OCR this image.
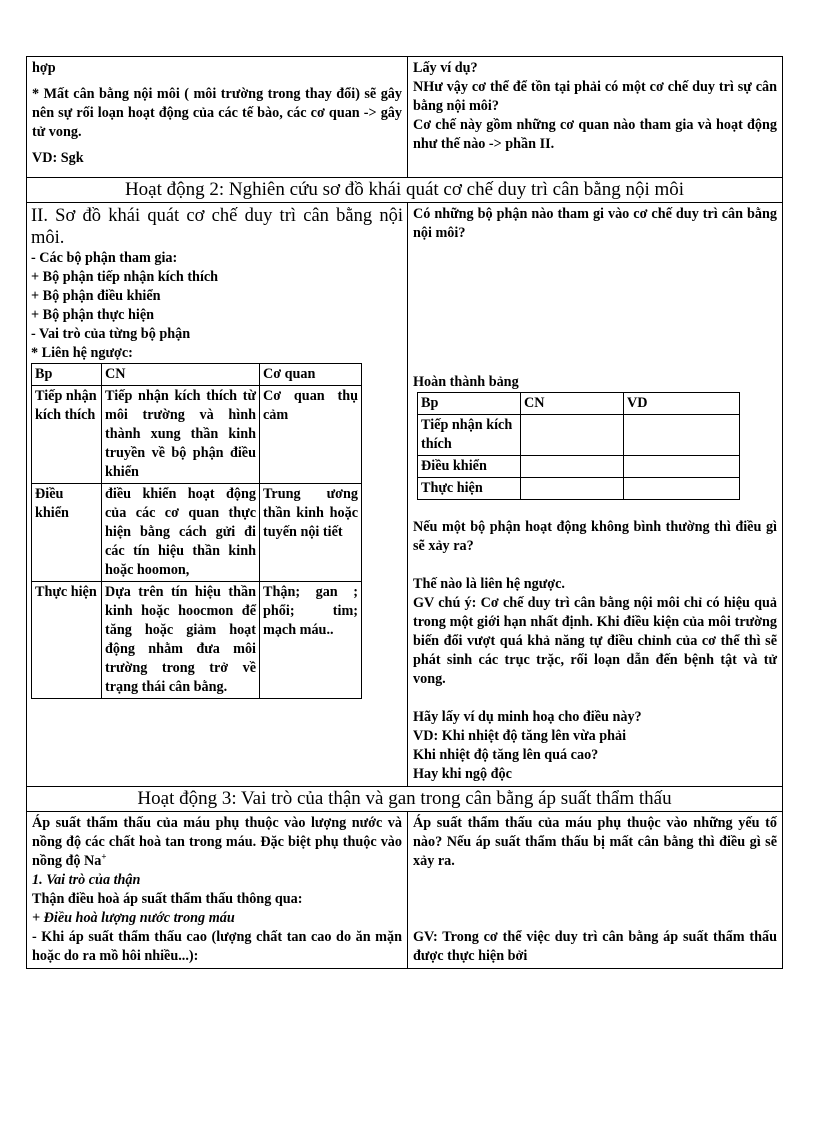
hợp

* Mất cân bằng nội môi ( môi trường trong thay đổi) sẽ gây nên sự rối loạn hoạt động của các tế bào, các cơ quan -> gây tử vong.

VD: Sgk

Lấy ví dụ?

NHư vậy cơ thể để tồn tại phải có một cơ chế duy trì sự cân bằng nội môi?

Cơ chế này gồm những cơ quan nào tham gia và hoạt động như thế nào -> phần II.

Hoạt động 2: Nghiên cứu sơ đồ khái quát cơ chế duy trì cân bằng nội môi

II. Sơ đồ khái quát cơ chế duy trì cân bằng nội môi.

- Các bộ phận tham gia:

+ Bộ phận tiếp nhận kích thích

+ Bộ phận điều khiển

+ Bộ phận thực hiện

- Vai trò của từng bộ phận

* Liên hệ ngược:

Bp	CN	Cơ quan
Tiếp nhận kích thích	Tiếp nhận kích thích từ môi trường và hình thành xung thần kinh truyền về bộ phận điều khiển	Cơ quan thụ cảm
Điều khiển	điều khiển hoạt động của các cơ quan thực hiện bằng cách gửi đi các tín hiệu thần kinh hoặc hoomon,	Trung ương thần kinh hoặc tuyến nội tiết
Thực hiện	Dựa trên tín hiệu thần kinh hoặc hoocmon để tăng hoặc giảm hoạt động nhằm đưa môi trường trong trở về trạng thái cân bằng.	Thận; gan ; phổi; tim; mạch máu..

Có những bộ phận nào tham gi vào cơ chế duy trì cân bằng nội môi?

Hoàn thành bảng

Bp	CN	VD
Tiếp nhận kích thích		
Điều khiển		
Thực hiện		

Nếu một bộ phận hoạt động không bình thường thì điều gì sẽ xảy ra?

Thế nào là liên hệ ngược.

GV chú ý: Cơ chế duy trì cân bằng nội môi chỉ có hiệu quả trong một giới hạn nhất định. Khi điều kiện của môi trường biến đổi vượt quá khả năng tự điều chỉnh của cơ thể thì sẽ phát sinh các trục trặc, rối loạn dẫn đến bệnh tật và tử vong.

Hãy lấy ví dụ minh hoạ cho điều này?

VD: Khi nhiệt độ tăng lên vừa phải

Khi nhiệt độ tăng lên quá cao?

Hay khi ngộ độc

Hoạt động 3: Vai trò của thận và gan trong cân bằng áp suất thẩm thấu

Áp suất thẩm thấu của máu phụ thuộc vào lượng nước và nồng độ các chất hoà tan trong máu. Đặc biệt phụ thuộc vào nồng độ Na+

1. Vai trò của thận

Thận điều hoà áp suất thẩm thấu thông qua:

+ Điều hoà lượng nước trong máu

- Khi áp suất thẩm thấu cao (lượng chất tan cao do ăn mặn hoặc do ra mồ hôi nhiều...):

Áp suất thẩm thấu của máu phụ thuộc vào những yếu tố nào? Nếu áp suất thẩm thấu bị mất cân bằng thì điều gì sẽ xảy ra.

GV: Trong cơ thể việc duy trì cân bằng áp suất thẩm thấu được thực hiện bởi
